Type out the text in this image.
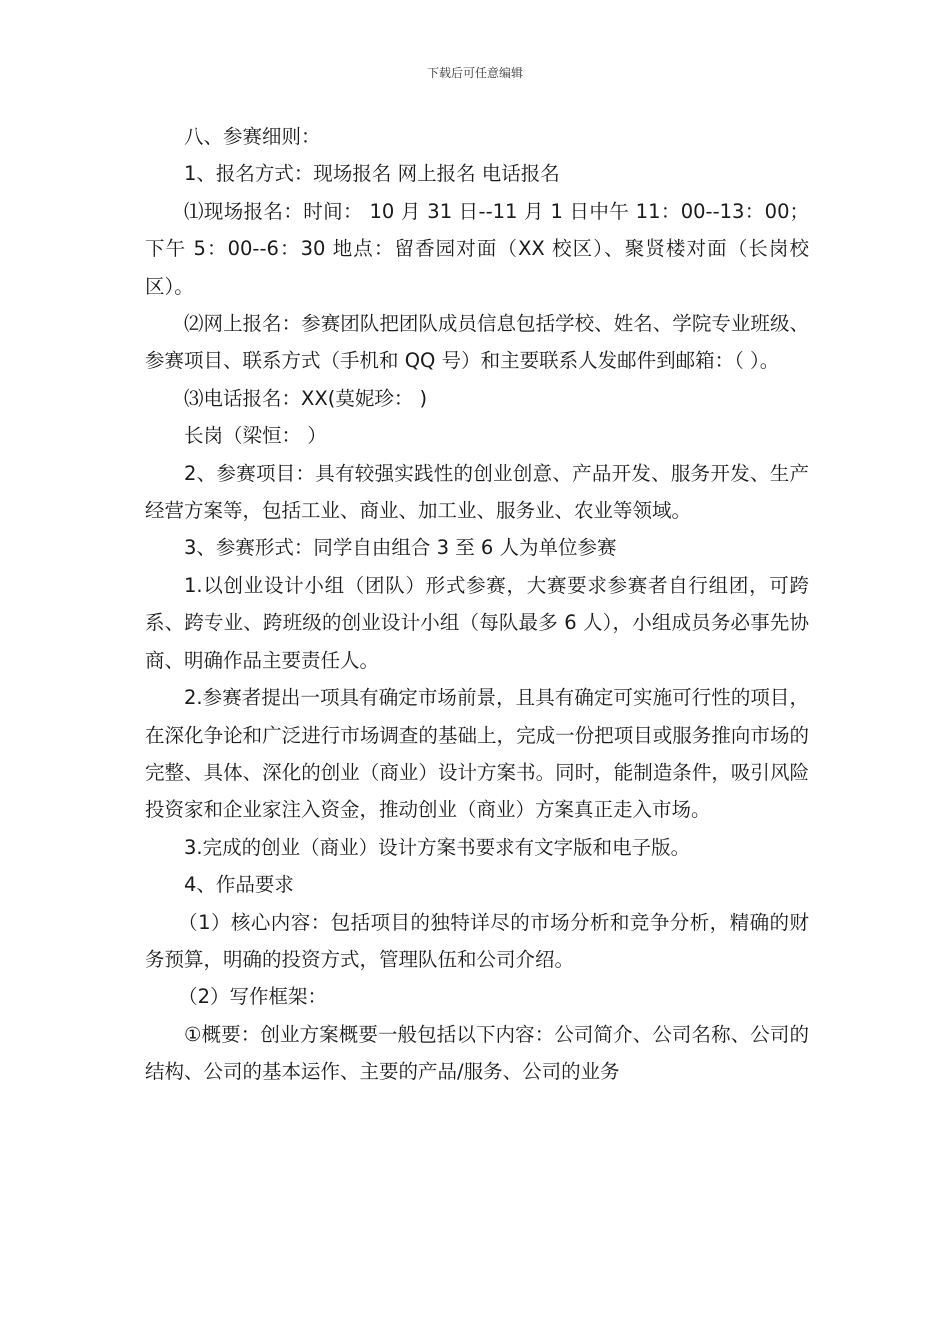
下载后可任意编辑

八、参赛细则：

1、报名方式：现场报名 网上报名 电话报名

⑴现场报名：时间： 10 月 31 日--11 月 1 日中午 11：00--13：00；下午 5：00--6：30 地点：留香园对面（XX 校区）、聚贤楼对面（长岗校区）。

⑵网上报名：参赛团队把团队成员信息包括学校、姓名、学院专业班级、参赛项目、联系方式（手机和 QQ 号）和主要联系人发邮件到邮箱：（ ）。

⑶电话报名：XX(莫妮珍： )

长岗（梁恒： ）

2、参赛项目：具有较强实践性的创业创意、产品开发、服务开发、生产经营方案等，包括工业、商业、加工业、服务业、农业等领域。

3、参赛形式：同学自由组合 3 至 6 人为单位参赛

1.以创业设计小组（团队）形式参赛，大赛要求参赛者自行组团，可跨系、跨专业、跨班级的创业设计小组（每队最多 6 人），小组成员务必事先协商、明确作品主要责任人。

2.参赛者提出一项具有确定市场前景，且具有确定可实施可行性的项目，在深化争论和广泛进行市场调查的基础上，完成一份把项目或服务推向市场的完整、具体、深化的创业（商业）设计方案书。同时，能制造条件，吸引风险投资家和企业家注入资金，推动创业（商业）方案真正走入市场。

3.完成的创业（商业）设计方案书要求有文字版和电子版。

4、作品要求

（1）核心内容：包括项目的独特详尽的市场分析和竞争分析，精确的财务预算，明确的投资方式，管理队伍和公司介绍。

（2）写作框架：

①概要：创业方案概要一般包括以下内容：公司简介、公司名称、公司的结构、公司的基本运作、主要的产品/服务、公司的业务
